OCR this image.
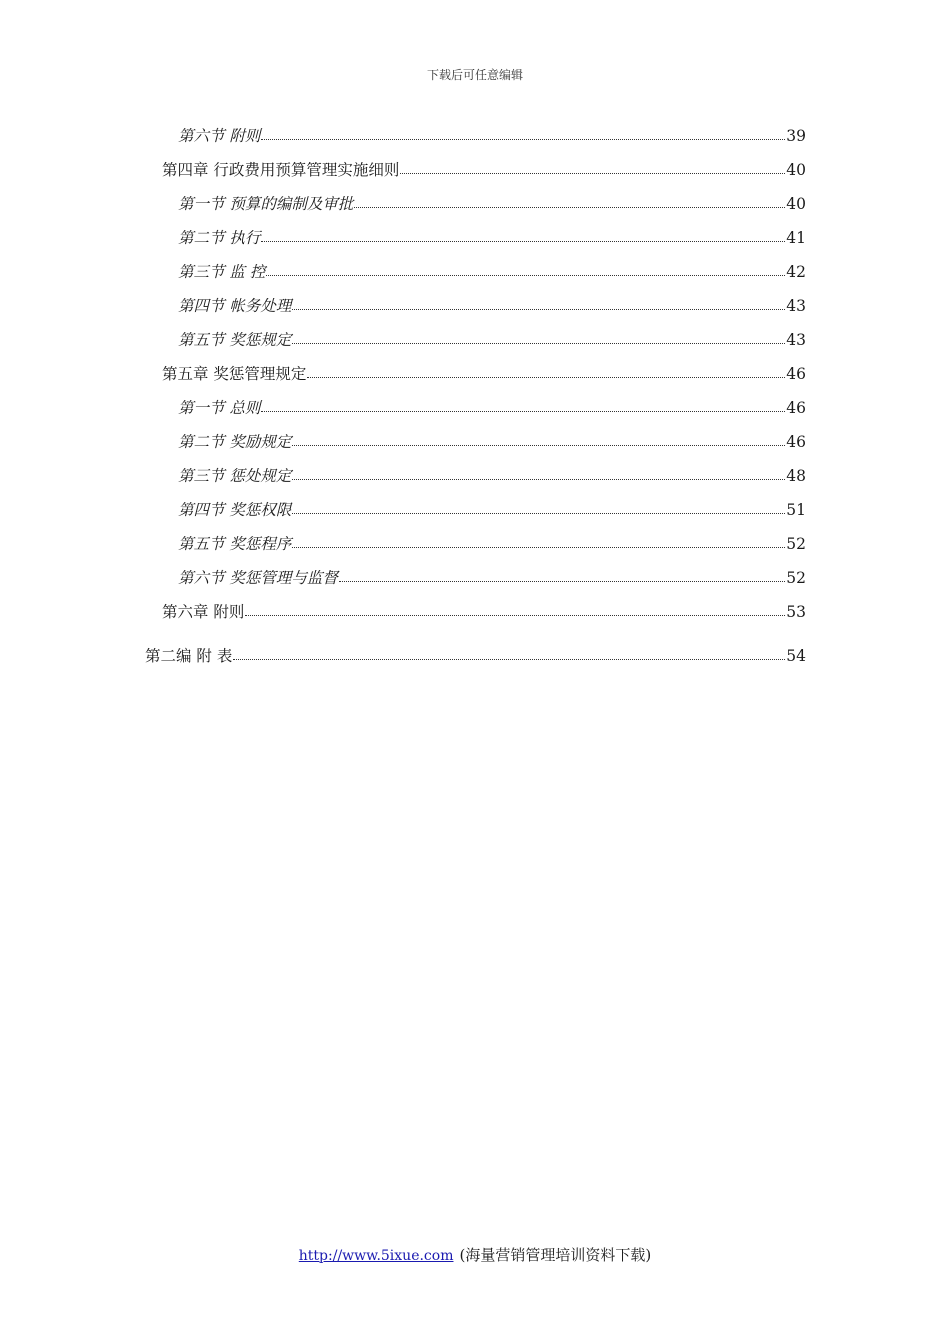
下载后可任意编辑
第六节 附则	39
第四章 行政费用预算管理实施细则	40
第一节 预算的编制及审批	40
第二节 执行	41
第三节 监 控	42
第四节 帐务处理	43
第五节 奖惩规定	43
第五章 奖惩管理规定	46
第一节 总则	46
第二节 奖励规定	46
第三节 惩处规定	48
第四节 奖惩权限	51
第五节 奖惩程序	52
第六节 奖惩管理与监督	52
第六章 附则	53
第二编 附 表	54
http://www.5ixue.com (海量营销管理培训资料下载)
